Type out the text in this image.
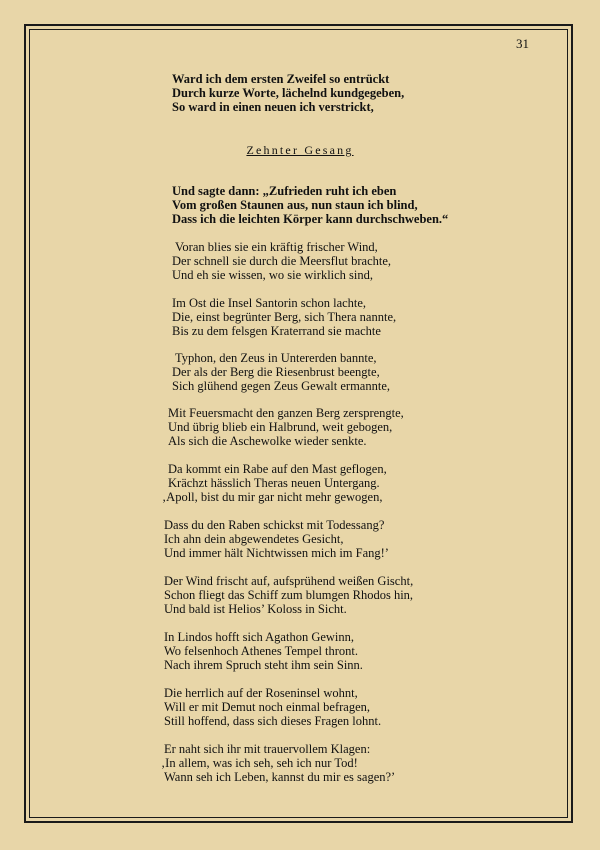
31
Ward ich dem ersten Zweifel so entrückt
Durch kurze Worte, lächelnd kundgegeben,
So ward in einen neuen ich verstrickt,
Zehnter Gesang
Und sagte dann: „Zufrieden ruht ich eben
Vom großen Staunen aus, nun staun ich blind,
Dass ich die leichten Körper kann durchschweben.“
Voran blies sie ein kräftig frischer Wind,
Der schnell sie durch die Meersflut brachte,
Und eh sie wissen, wo sie wirklich sind,
Im Ost die Insel Santorin schon lachte,
Die, einst begrünter Berg, sich Thera nannte,
Bis zu dem felsgen Kraterrand sie machte
Typhon, den Zeus in Untererden bannte,
Der als der Berg die Riesenbrust beengte,
Sich glühend gegen Zeus Gewalt ermannte,
Mit Feuersmacht den ganzen Berg zersprengte,
Und übrig blieb ein Halbrund, weit gebogen,
Als sich die Aschewolke wieder senkte.
Da kommt ein Rabe auf den Mast geflogen,
Krächzt hässlich Theras neuen Untergang.
‚Apoll, bist du mir gar nicht mehr gewogen,
Dass du den Raben schickst mit Todessang?
Ich ahn dein abgewendetes Gesicht,
Und immer hält Nichtwissen mich im Fang!’
Der Wind frischt auf, aufsprühend weißen Gischt,
Schon fliegt das Schiff zum blumgen Rhodos hin,
Und bald ist Helios’ Koloss in Sicht.
In Lindos hofft sich Agathon Gewinn,
Wo felsenhoch Athenes Tempel thront.
Nach ihrem Spruch steht ihm sein Sinn.
Die herrlich auf der Roseninsel wohnt,
Will er mit Demut noch einmal befragen,
Still hoffend, dass sich dieses Fragen lohnt.
Er naht sich ihr mit trauervollem Klagen:
‚In allem, was ich seh, seh ich nur Tod!
Wann seh ich Leben, kannst du mir es sagen?’
